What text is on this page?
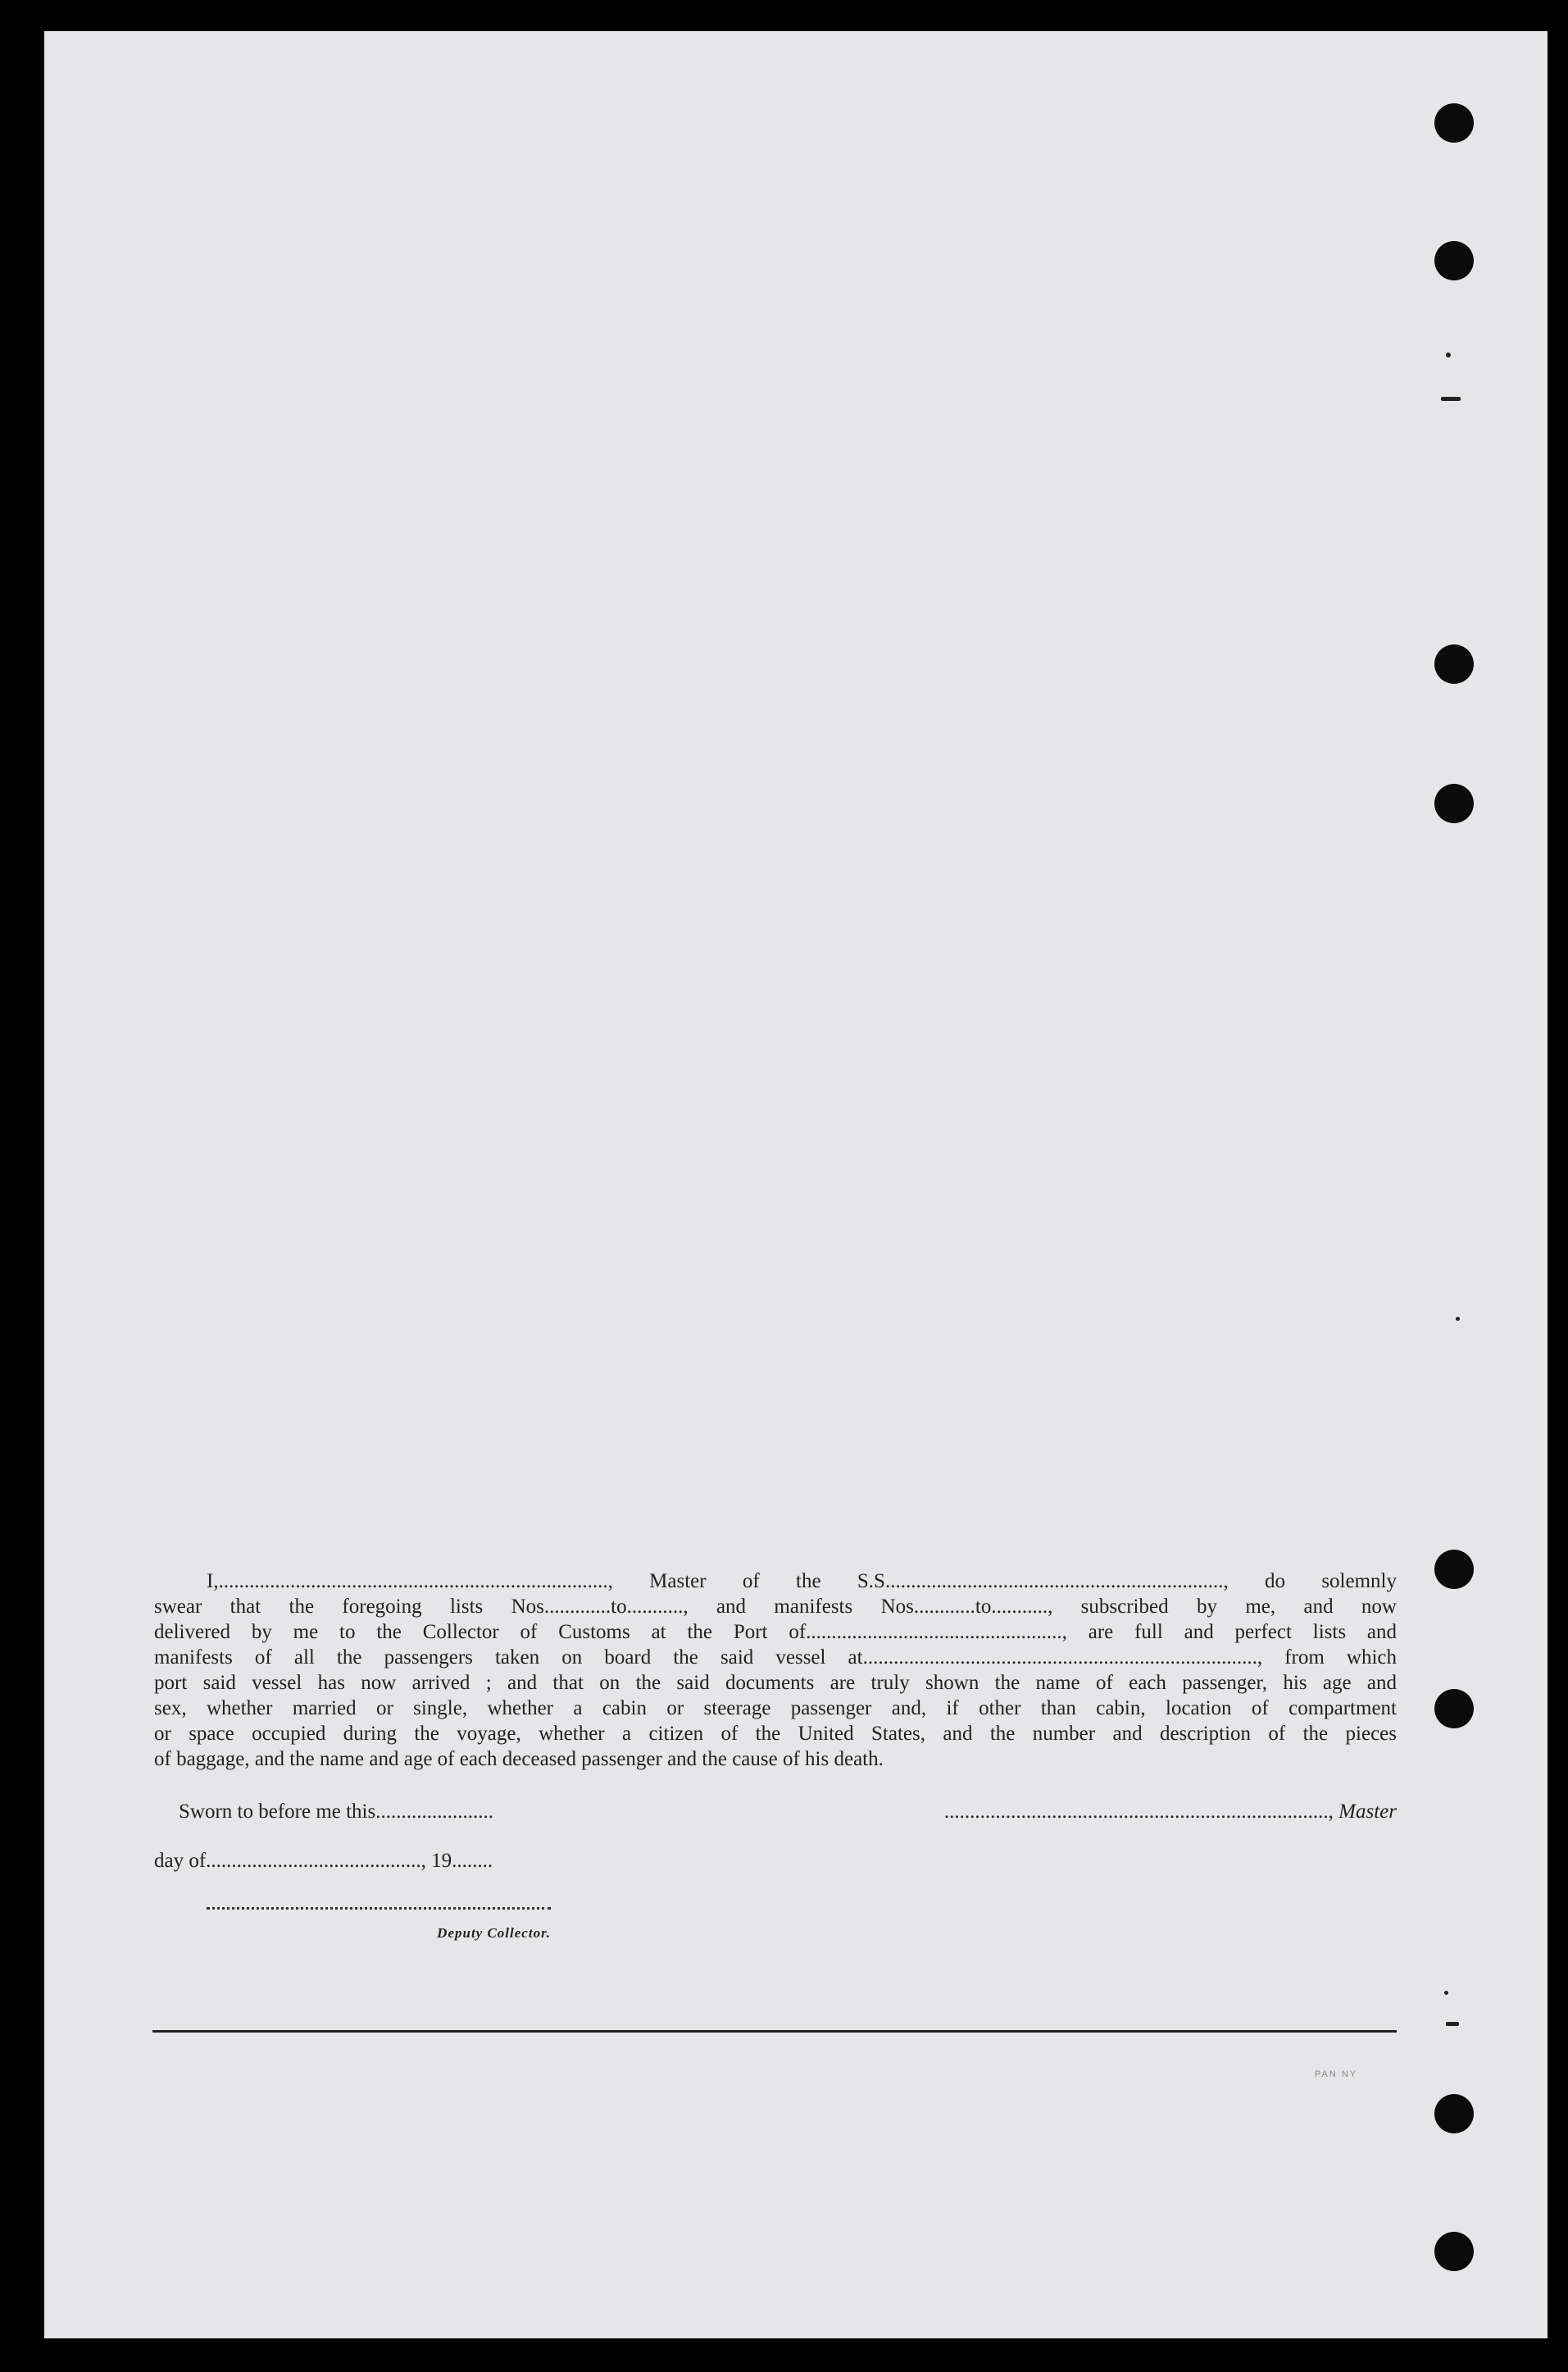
I,............................................................................, Master of the S.S.................................................................., do solemnly
swear that the foregoing lists Nos.............to..........., and manifests Nos............to..........., subscribed by me, and now
delivered by me to the Collector of Customs at the Port of.................................................., are full and perfect lists and
manifests of all the passengers taken on board the said vessel at............................................................................., from which
port said vessel has now arrived ; and that on the said documents are truly shown the name of each passenger, his age and
sex, whether married or single, whether a cabin or steerage passenger and, if other than cabin, location of compartment
or space occupied during the voyage, whether a citizen of the United States, and the number and description of the pieces
of baggage, and the name and age of each deceased passenger and the cause of his death.
Sworn to before me this.......................	..........................................................................., Master
day of.........................................., 19........
Deputy Collector.
PAN NY
